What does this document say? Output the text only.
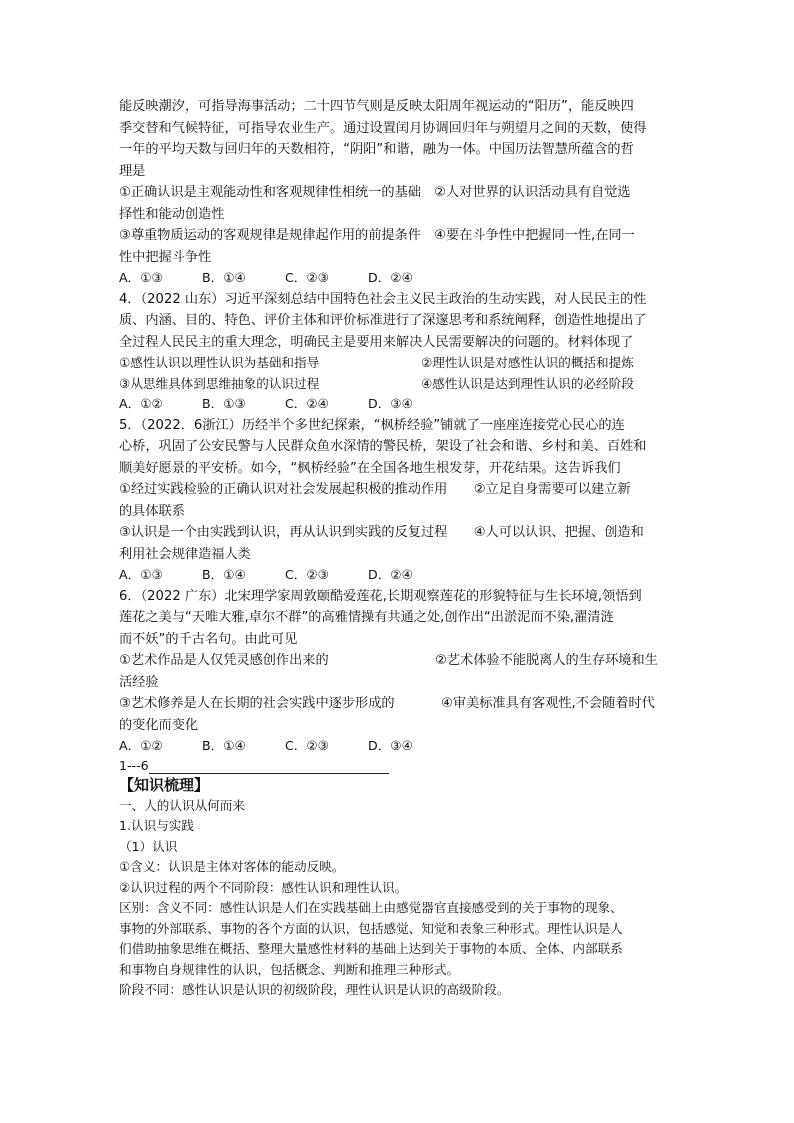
能反映潮汐，可指导海事活动；二十四节气则是反映太阳周年视运动的“阳历”，能反映四
季交替和气候特征，可指导农业生产。通过设置闰月协调回归年与朔望月之间的天数，使得
一年的平均天数与回归年的天数相符，“阴阳”和谐，融为一体。中国历法智慧所蕴含的哲
理是
①正确认识是主观能动性和客观规律性相统一的基础　②人对世界的认识活动具有自觉选
择性和能动创造性
③尊重物质运动的客观规律是规律起作用的前提条件　④要在斗争性中把握同一性,在同一
性中把握斗争性
A．①③	B．①④	C．②③	D．②④
4．（2022 山东）习近平深刻总结中国特色社会主义民主政治的生动实践，对人民民主的性
质、内涵、目的、特色、评价主体和评价标准进行了深邃思考和系统阐释，创造性地提出了
全过程人民民主的重大理念，明确民主是要用来解决人民需要解决的问题的。材料体现了
①感性认识以理性认识为基础和指导	②理性认识是对感性认识的概括和提炼
③从思维具体到思维抽象的认识过程	④感性认识是达到理性认识的必经阶段
A．①②	B．①③	C．②④	D．③④
5．（2022．6浙江）历经半个多世纪探索，“枫桥经验”铺就了一座座连接党心民心的连
心桥，巩固了公安民警与人民群众鱼水深情的警民桥，架设了社会和谐、乡村和美、百姓和
顺美好愿景的平安桥。如今，“枫桥经验”在全国各地生根发芽，开花结果。这告诉我们
①经过实践检验的正确认识对社会发展起积极的推动作用　　②立足自身需要可以建立新
的具体联系
③认识是一个由实践到认识，再从认识到实践的反复过程　　④人可以认识、把握、创造和
利用社会规律造福人类
A．①③	B．①④	C．②③	D．②④
6．（2022 广东）北宋理学家周敦颐酷爱莲花,长期观察莲花的形貌特征与生长环境,领悟到
莲花之美与“天唯大雅,卓尔不群”的高雅情操有共通之处,创作出“出淤泥而不染,濯清涟
而不妖”的千古名句。由此可见
①艺术作品是人仅凭灵感创作出来的	②艺术体验不能脱离人的生存环境和生
活经验
③艺术修养是人在长期的社会实践中逐步形成的	④审美标准具有客观性,不会随着时代
的变化而变化
A．①②	B．①④	C．②③	D．③④
1---6
【知识梳理】
一、人的认识从何而来
1.认识与实践
（1）认识
①含义：认识是主体对客体的能动反映。
②认识过程的两个不同阶段：感性认识和理性认识。
区别：含义不同：感性认识是人们在实践基础上由感觉器官直接感受到的关于事物的现象、
事物的外部联系、事物的各个方面的认识，包括感觉、知觉和表象三种形式。理性认识是人
们借助抽象思维在概括、整理大量感性材料的基础上达到关于事物的本质、全体、内部联系
和事物自身规律性的认识，包括概念、判断和推理三种形式。
阶段不同：感性认识是认识的初级阶段，理性认识是认识的高级阶段。
